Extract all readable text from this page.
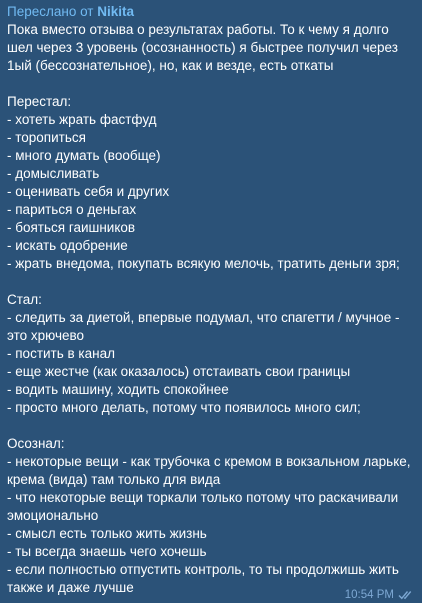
Переслано от Nikita
Пока вместо отзыва о результатах работы. То к чему я долго
шел через 3 уровень (осознанность) я быстрее получил через
1ый (бессознательное), но, как и везде, есть откаты
Перестал:
- хотеть жрать фастфуд
- торопиться
- много думать (вообще)
- домысливать
- оценивать себя и других
- париться о деньгах
- бояться гаишников
- искать одобрение
- жрать внедома, покупать всякую мелочь, тратить деньги зря;
Стал:
- следить за диетой, впервые подумал, что спагетти / мучное -
это хрючево
- постить в канал
- еще жестче (как оказалось) отстаивать свои границы
- водить машину, ходить спокойнее
- просто много делать, потому что появилось много сил;
Осознал:
- некоторые вещи - как трубочка с кремом в вокзальном ларьке,
крема (вида) там только для вида
- что некоторые вещи торкали только потому что раскачивали
эмоционально
- смысл есть только жить жизнь
- ты всегда знаешь чего хочешь
- если полностью отпустить контроль, то ты продолжишь жить
также и даже лучше	10:54 PM
